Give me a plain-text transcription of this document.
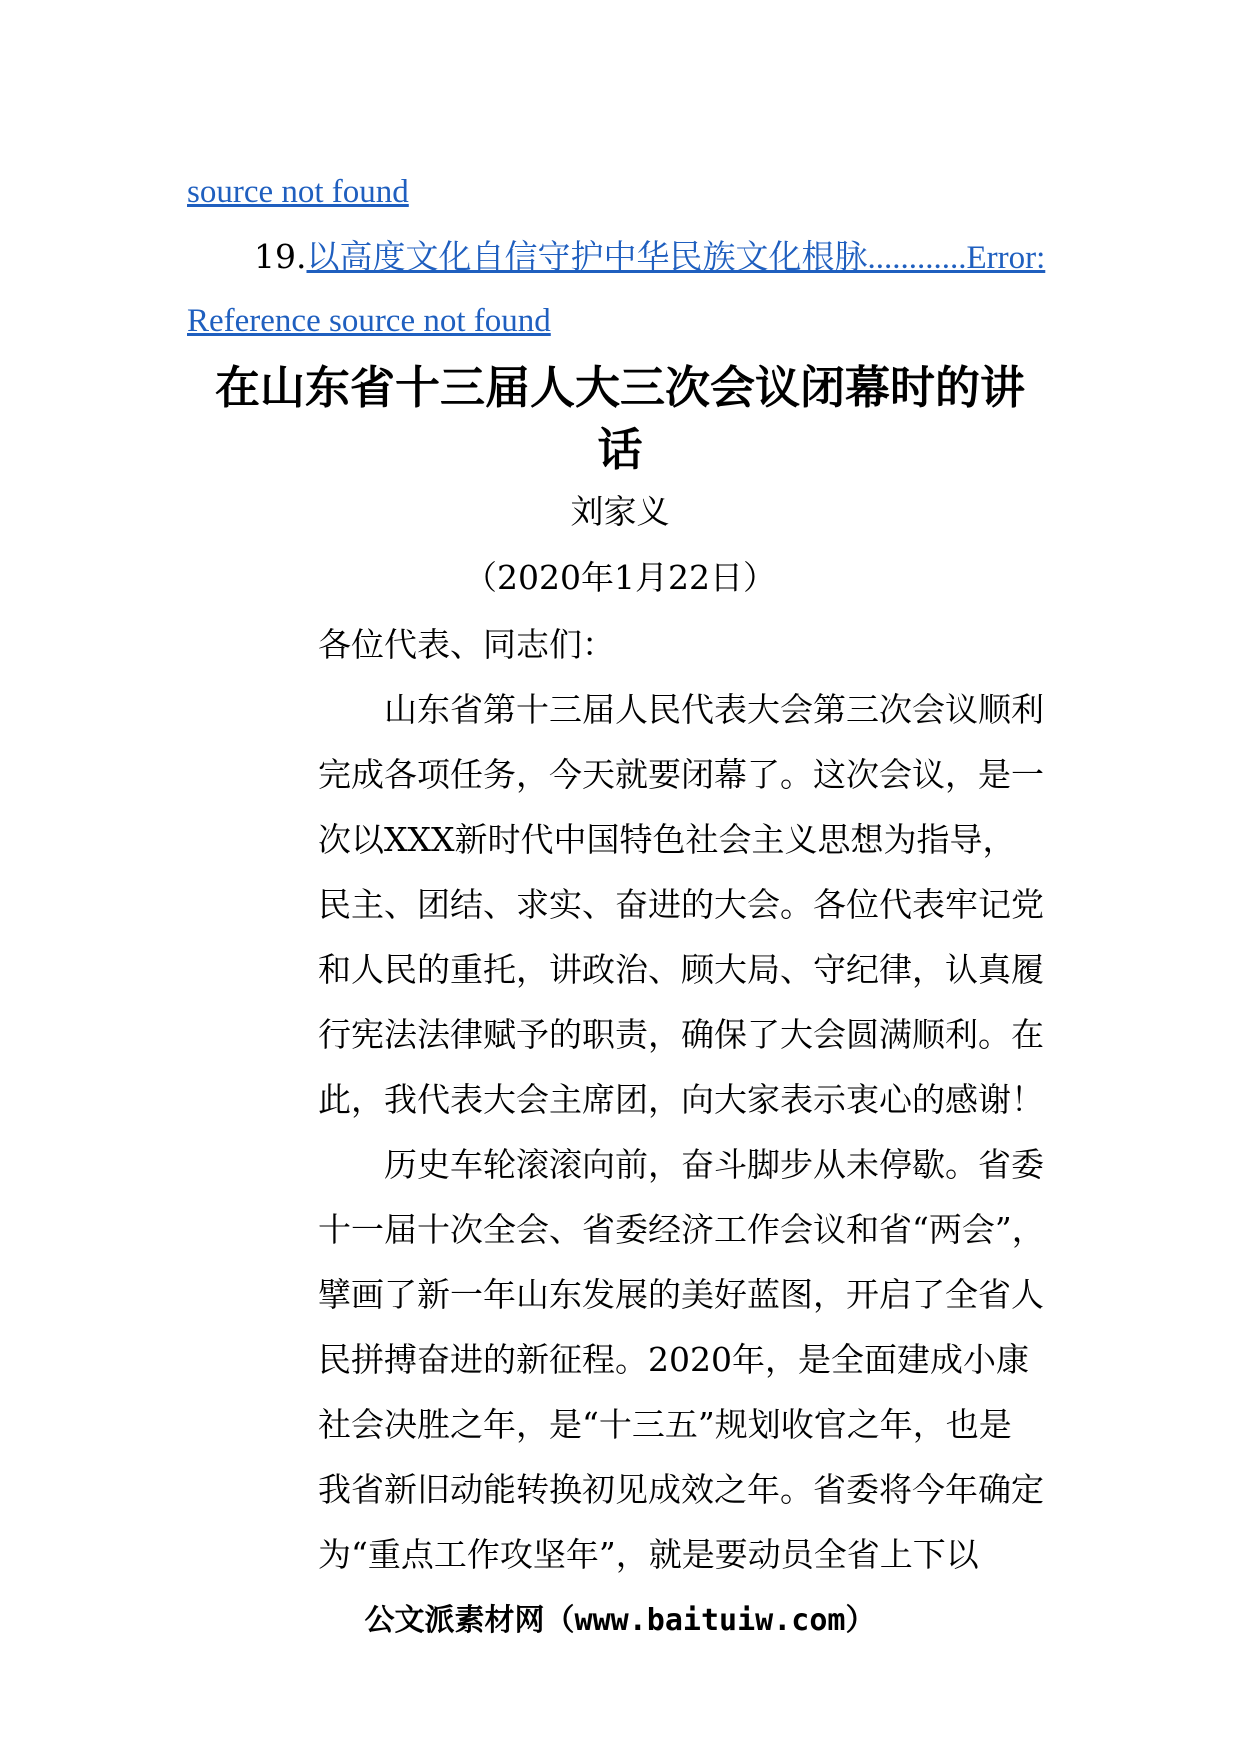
source not found
19.以高度文化自信守护中华民族文化根脉............Error:
Reference source not found
在山东省十三届人大三次会议闭幕时的讲
话
刘家义
（2020年1月22日）
各位代表、同志们：
　　山东省第十三届人民代表大会第三次会议顺利
完成各项任务，今天就要闭幕了。这次会议，是一
次以XXX新时代中国特色社会主义思想为指导，
民主、团结、求实、奋进的大会。各位代表牢记党
和人民的重托，讲政治、顾大局、守纪律，认真履
行宪法法律赋予的职责，确保了大会圆满顺利。在
此，我代表大会主席团，向大家表示衷心的感谢！
　　历史车轮滚滚向前，奋斗脚步从未停歇。省委
十一届十次全会、省委经济工作会议和省“两会”，
擘画了新一年山东发展的美好蓝图，开启了全省人
民拼搏奋进的新征程。2020年，是全面建成小康
社会决胜之年，是“十三五”规划收官之年，也是
我省新旧动能转换初见成效之年。省委将今年确定
为“重点工作攻坚年”，就是要动员全省上下以
公文派素材网（www.baituiw.com）
